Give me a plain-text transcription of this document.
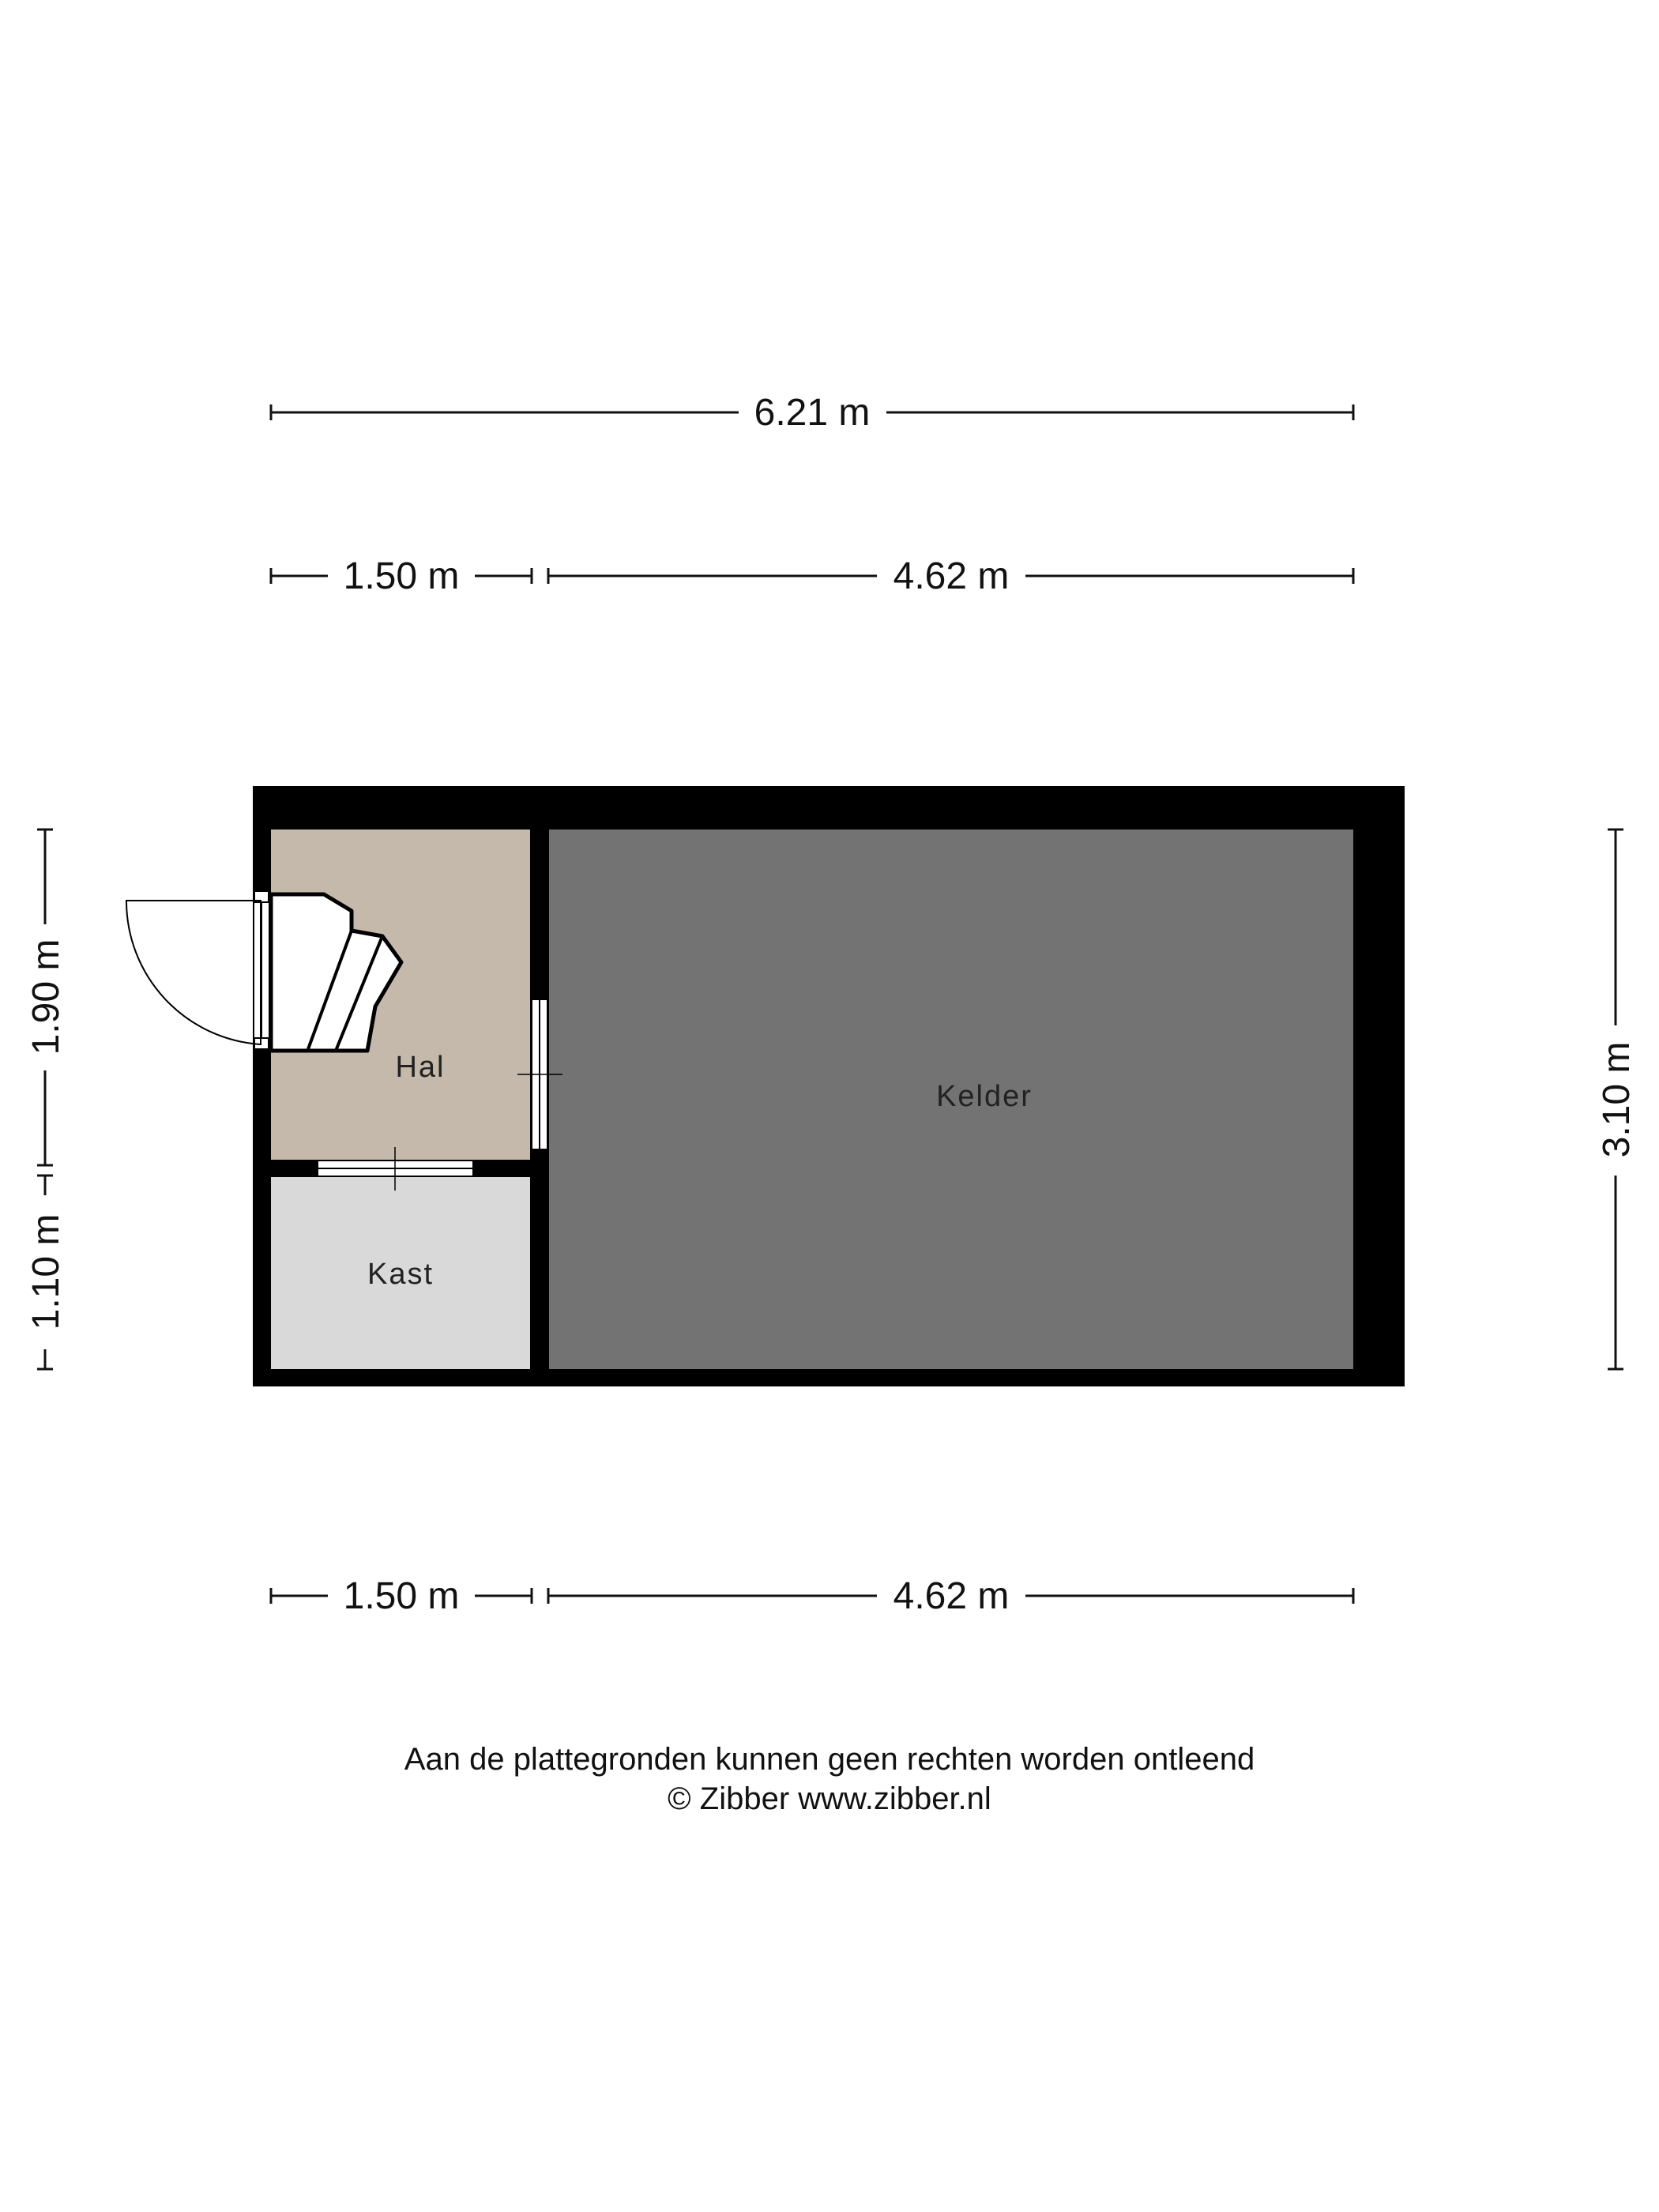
6.21 m
1.50 m	4.62 m
1.50 m	4.62 m
1.90 m
1.10 m
3.10 m
Hal
Kelder
Kast
Aan de plattegronden kunnen geen rechten worden ontleend
© Zibber www.zibber.nl
